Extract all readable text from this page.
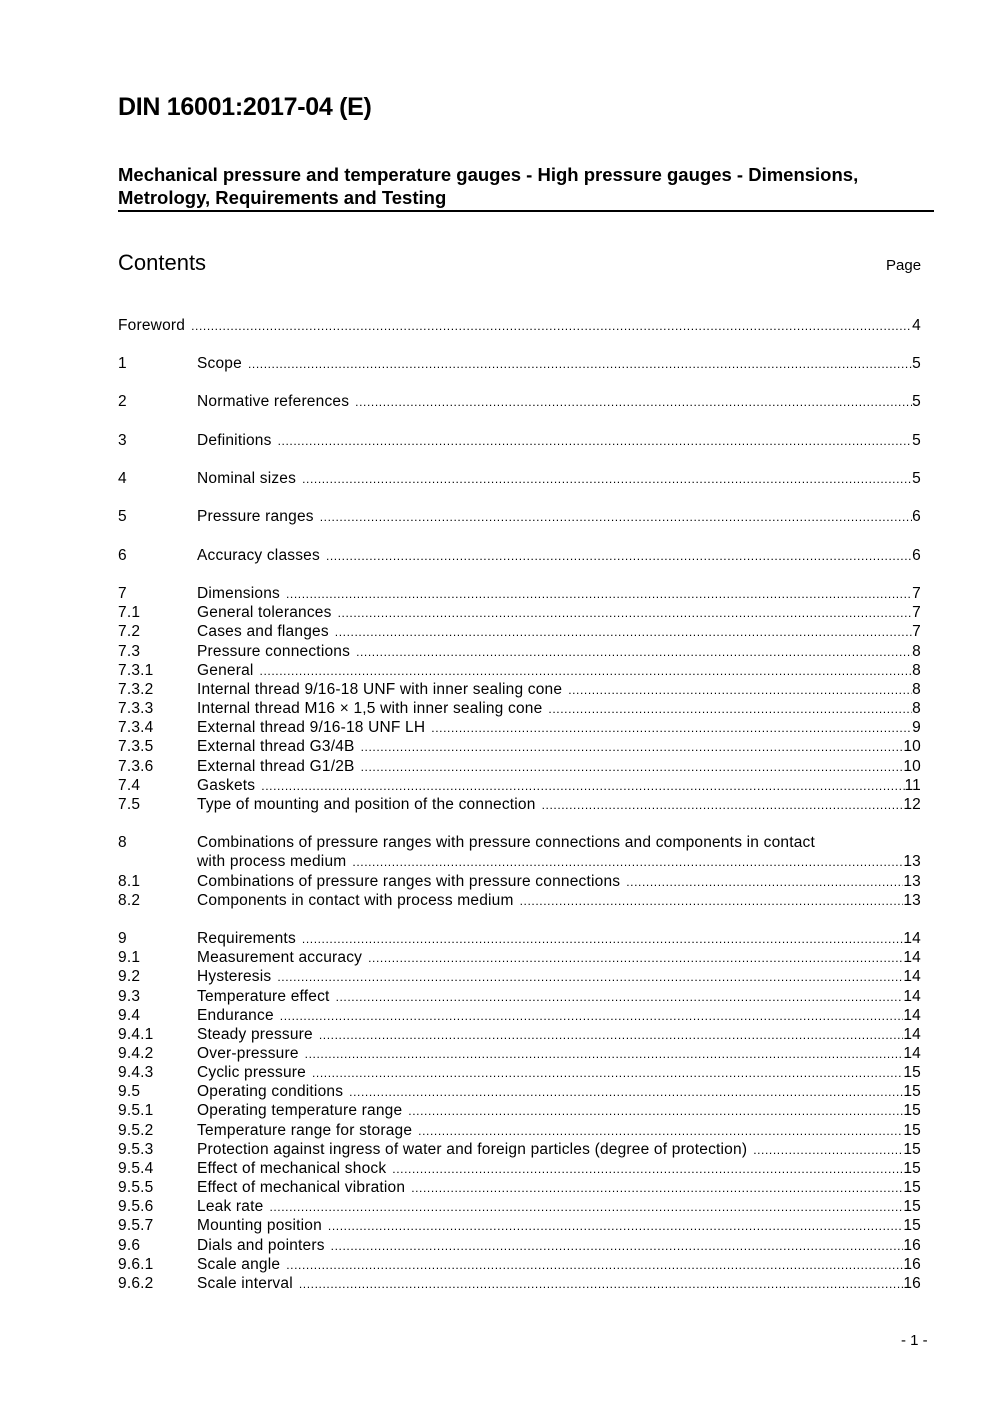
DIN 16001:2017-04 (E)
Mechanical pressure and temperature gauges - High pressure gauges - Dimensions, Metrology, Requirements and Testing
Contents	Page
Foreword .....	4
1	Scope .....	5
2	Normative references .....	5
3	Definitions .....	5
4	Nominal sizes .....	5
5	Pressure ranges .....	6
6	Accuracy classes .....	6
7	Dimensions .....	7
7.1	General tolerances .....	7
7.2	Cases and flanges .....	7
7.3	Pressure connections .....	8
7.3.1	General .....	8
7.3.2	Internal thread 9/16-18 UNF with inner sealing cone .....	8
7.3.3	Internal thread M16 × 1,5 with inner sealing cone .....	8
7.3.4	External thread 9/16-18 UNF LH .....	9
7.3.5	External thread G3/4B .....	10
7.3.6	External thread G1/2B .....	10
7.4	Gaskets .....	11
7.5	Type of mounting and position of the connection .....	12
8	Combinations of pressure ranges with pressure connections and components in contact
with process medium .....	13
8.1	Combinations of pressure ranges with pressure connections .....	13
8.2	Components in contact with process medium .....	13
9	Requirements .....	14
9.1	Measurement accuracy .....	14
9.2	Hysteresis .....	14
9.3	Temperature effect .....	14
9.4	Endurance .....	14
9.4.1	Steady pressure .....	14
9.4.2	Over-pressure .....	14
9.4.3	Cyclic pressure .....	15
9.5	Operating conditions .....	15
9.5.1	Operating temperature range .....	15
9.5.2	Temperature range for storage .....	15
9.5.3	Protection against ingress of water and foreign particles (degree of protection) .....	15
9.5.4	Effect of mechanical shock .....	15
9.5.5	Effect of mechanical vibration .....	15
9.5.6	Leak rate .....	15
9.5.7	Mounting position .....	15
9.6	Dials and pointers .....	16
9.6.1	Scale angle .....	16
9.6.2	Scale interval .....	16
- 1 -
